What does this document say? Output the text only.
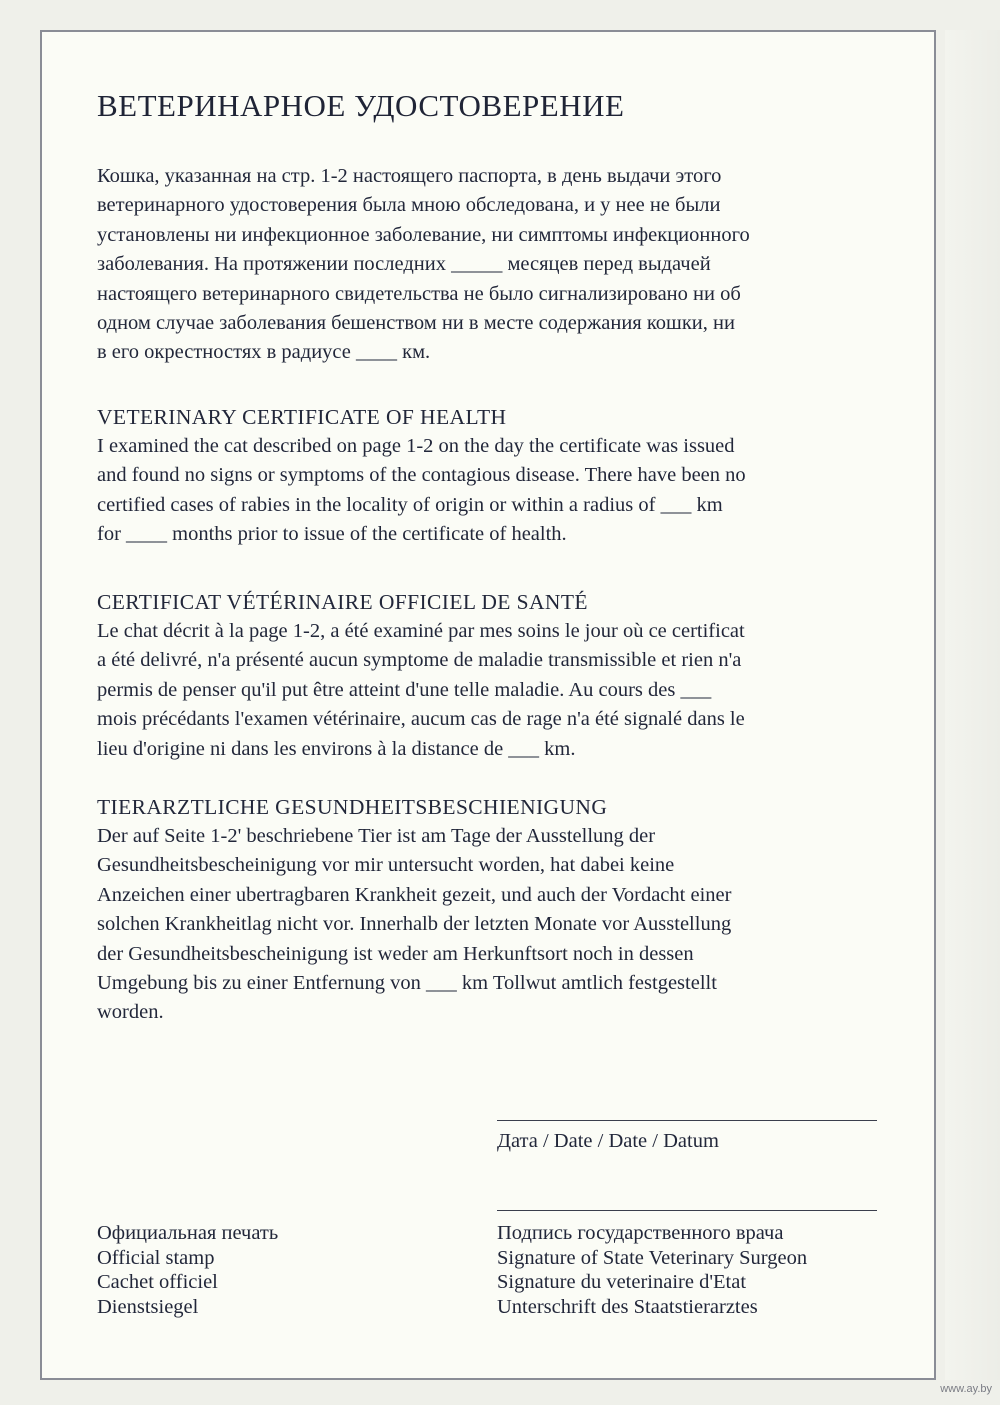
ВЕТЕРИНАРНОЕ УДОСТОВЕРЕНИЕ

Кошка, указанная на стр. 1-2 настоящего паспорта, в день выдачи этого
ветеринарного удостоверения была мною обследована, и у нее не были
установлены ни инфекционное заболевание, ни симптомы инфекционного
заболевания. На протяжении последних _____ месяцев перед выдачей
настоящего ветеринарного свидетельства не было сигнализировано ни об
одном случае заболевания бешенством ни в месте содержания кошки, ни
в его окрестностях в радиусе ____ км.

VETERINARY CERTIFICATE OF HEALTH

I examined the cat described on page 1-2 on the day the certificate was issued
and found no signs or symptoms of the contagious disease. There have been no
certified cases of rabies in the locality of origin or within a radius of ___ km
for ____ months prior to issue of the certificate of health.

CERTIFICAT VÉTÉRINAIRE OFFICIEL DE SANTÉ

Le chat décrit à la page 1-2, a été examiné par mes soins le jour où ce certificat
a été delivré, n'a présenté aucun symptome de maladie transmissible et rien n'a
permis de penser qu'il put être atteint d'une telle maladie. Au cours des ___
mois précédants l'examen vétérinaire, aucum cas de rage n'a été signalé dans le
lieu d'origine ni dans les environs à la distance de ___ km.

TIERARZTLICHE GESUNDHEITSBESCHIENIGUNG

Der auf Seite 1-2' beschriebene Tier ist am Tage der Ausstellung der
Gesundheitsbescheinigung vor mir untersucht worden, hat dabei keine
Anzeichen einer ubertragbaren Krankheit gezeit, und auch der Vordacht einer
solchen Krankheitlag nicht vor. Innerhalb der letzten Monate vor Ausstellung
der Gesundheitsbescheinigung ist weder am Herkunftsort noch in dessen
Umgebung bis zu einer Entfernung von ___ km Tollwut amtlich festgestellt
worden.

Дата / Date / Date / Datum
Официальная печать
Official stamp
Cachet officiel
Dienstsiegel
Подпись государственного врача
Signature of State Veterinary Surgeon
Signature du veterinaire d'Etat
Unterschrift des Staatstierarztes
www.ay.by
